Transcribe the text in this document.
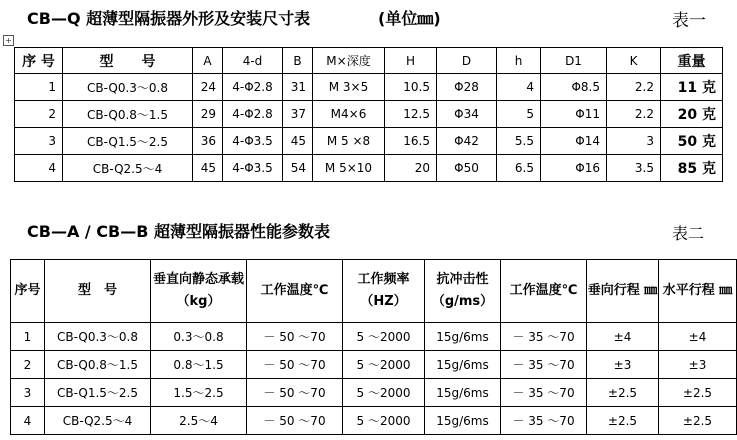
+
CB—Q 超薄型隔振器外形及安装尺寸表	(单位㎜)	表一
序 号	型　　号	A	4-d	B	M×深度	H	D	h	D1	K	重量
1	CB-Q0.3～0.8	24	4-Φ2.8	31	M 3×5	10.5	Φ28	4	Φ8.5	2.2	11 克
2	CB-Q0.8～1.5	29	4-Φ2.8	37	M4×6	12.5	Φ34	5	Φ11	2.2	20 克
3	CB-Q1.5～2.5	36	4-Φ3.5	45	M 5 ×8	16.5	Φ42	5.5	Φ14	3	50 克
4	CB-Q2.5～4	45	4-Φ3.5	54	M 5×10	20	Φ50	6.5	Φ16	3.5	85 克
CB—A / CB—B 超薄型隔振器性能参数表	表二
序号	型　号	垂直向静态承载 （kg）	工作温度℃	工作频率 （HZ）	抗冲击性 （g/ms）	工作温度℃	垂向行程 ㎜	水平行程 ㎜
1	CB-Q0.3～0.8	0.3～0.8	－ 50 ～70	5 ～2000	15g/6ms	－ 35 ～70	±4	±4
2	CB-Q0.8～1.5	0.8～1.5	－ 50 ～70	5 ～2000	15g/6ms	－ 35 ～70	±3	±3
3	CB-Q1.5～2.5	1.5～2.5	－ 50 ～70	5 ～2000	15g/6ms	－ 35 ～70	±2.5	±2.5
4	CB-Q2.5～4	2.5～4	－ 50 ～70	5 ～2000	15g/6ms	－ 35 ～70	±2.5	±2.5
